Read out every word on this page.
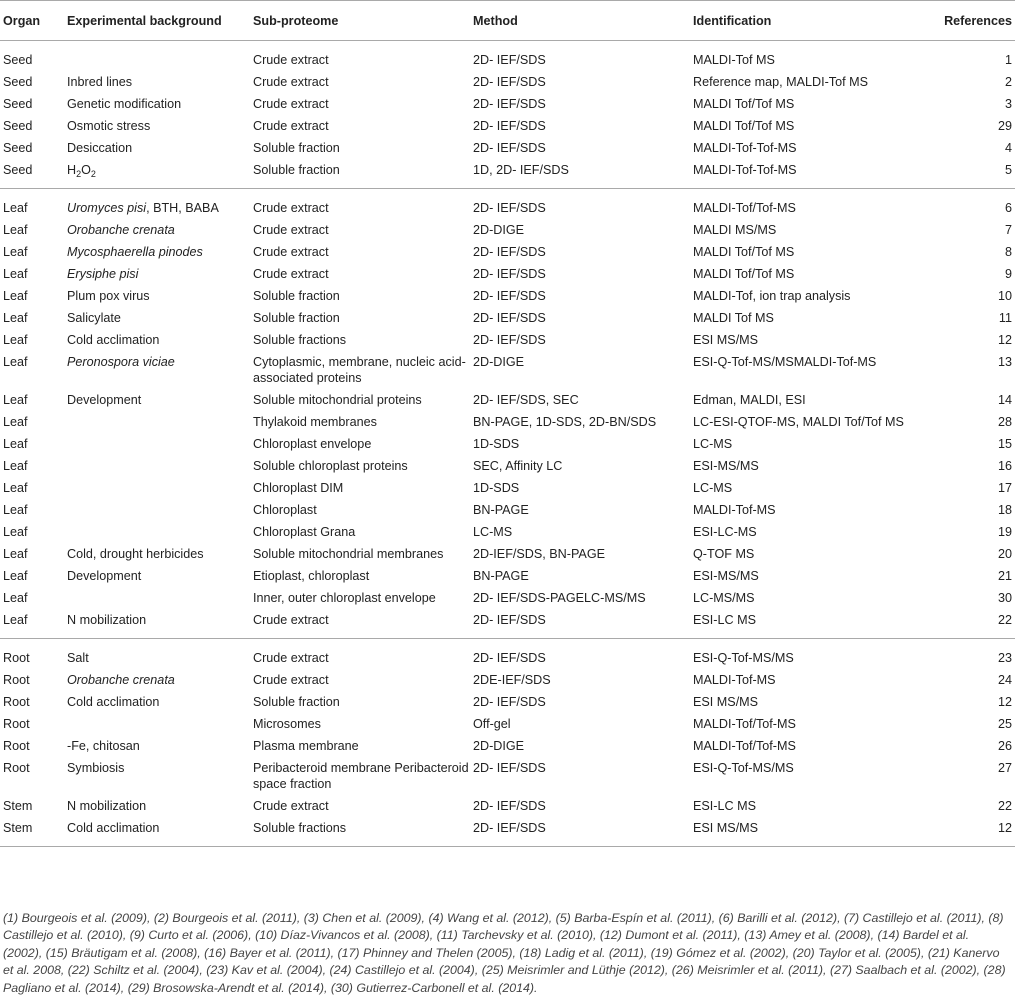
Organ	Experimental background	Sub-proteome	Method	Identification	References
Seed		Crude extract	2D- IEF/SDS	MALDI-Tof MS	1
Seed	Inbred lines	Crude extract	2D- IEF/SDS	Reference map, MALDI-Tof MS	2
Seed	Genetic modification	Crude extract	2D- IEF/SDS	MALDI Tof/Tof MS	3
Seed	Osmotic stress	Crude extract	2D- IEF/SDS	MALDI Tof/Tof MS	29
Seed	Desiccation	Soluble fraction	2D- IEF/SDS	MALDI-Tof-Tof-MS	4
Seed	$H_2O_2$	Soluble fraction	1D, 2D- IEF/SDS	MALDI-Tof-Tof-MS	5
Leaf	Uromyces pisi, BTH, BABA	Crude extract	2D- IEF/SDS	MALDI-Tof/Tof-MS	6
Leaf	Orobanche crenata	Crude extract	2D-DIGE	MALDI MS/MS	7
Leaf	Mycosphaerella pinodes	Crude extract	2D- IEF/SDS	MALDI Tof/Tof MS	8
Leaf	Erysiphe pisi	Crude extract	2D- IEF/SDS	MALDI Tof/Tof MS	9
Leaf	Plum pox virus	Soluble fraction	2D- IEF/SDS	MALDI-Tof, ion trap analysis	10
Leaf	Salicylate	Soluble fraction	2D- IEF/SDS	MALDI Tof MS	11
Leaf	Cold acclimation	Soluble fractions	2D- IEF/SDS	ESI MS/MS	12
Leaf	Peronospora viciae	Cytoplasmic, membrane, nucleic acid-associated proteins	2D-DIGE	ESI-Q-Tof-MS/MSMALDI-Tof-MS	13
Leaf	Development	Soluble mitochondrial proteins	2D- IEF/SDS, SEC	Edman, MALDI, ESI	14
Leaf		Thylakoid membranes	BN-PAGE, 1D-SDS, 2D-BN/SDS	LC-ESI-QTOF-MS, MALDI Tof/Tof MS	28
Leaf		Chloroplast envelope	1D-SDS	LC-MS	15
Leaf		Soluble chloroplast proteins	SEC, Affinity LC	ESI-MS/MS	16
Leaf		Chloroplast DIM	1D-SDS	LC-MS	17
Leaf		Chloroplast	BN-PAGE	MALDI-Tof-MS	18
Leaf		Chloroplast Grana	LC-MS	ESI-LC-MS	19
Leaf	Cold, drought herbicides	Soluble mitochondrial membranes	2D-IEF/SDS, BN-PAGE	Q-TOF MS	20
Leaf	Development	Etioplast, chloroplast	BN-PAGE	ESI-MS/MS	21
Leaf		Inner, outer chloroplast envelope	2D- IEF/SDS-PAGELC-MS/MS	LC-MS/MS	30
Leaf	N mobilization	Crude extract	2D- IEF/SDS	ESI-LC MS	22
Root	Salt	Crude extract	2D- IEF/SDS	ESI-Q-Tof-MS/MS	23
Root	Orobanche crenata	Crude extract	2DE-IEF/SDS	MALDI-Tof-MS	24
Root	Cold acclimation	Soluble fraction	2D- IEF/SDS	ESI MS/MS	12
Root		Microsomes	Off-gel	MALDI-Tof/Tof-MS	25
Root	-Fe, chitosan	Plasma membrane	2D-DIGE	MALDI-Tof/Tof-MS	26
Root	Symbiosis	Peribacteroid membrane Peribacteroid space fraction	2D- IEF/SDS	ESI-Q-Tof-MS/MS	27
Stem	N mobilization	Crude extract	2D- IEF/SDS	ESI-LC MS	22
Stem	Cold acclimation	Soluble fractions	2D- IEF/SDS	ESI MS/MS	12
(1) Bourgeois et al. (2009), (2) Bourgeois et al. (2011), (3) Chen et al. (2009), (4) Wang et al. (2012), (5) Barba-Espín et al. (2011), (6) Barilli et al. (2012), (7) Castillejo et al. (2011), (8) Castillejo et al. (2010), (9) Curto et al. (2006), (10) Díaz-Vivancos et al. (2008), (11) Tarchevsky et al. (2010), (12) Dumont et al. (2011), (13) Amey et al. (2008), (14) Bardel et al. (2002), (15) Bräutigam et al. (2008), (16) Bayer et al. (2011), (17) Phinney and Thelen (2005), (18) Ladig et al. (2011), (19) Gómez et al. (2002), (20) Taylor et al. (2005), (21) Kanervo et al. 2008, (22) Schiltz et al. (2004), (23) Kav et al. (2004), (24) Castillejo et al. (2004), (25) Meisrimler and Lüthje (2012), (26) Meisrimler et al. (2011), (27) Saalbach et al. (2002), (28) Pagliano et al. (2014), (29) Brosowska-Arendt et al. (2014), (30) Gutierrez-Carbonell et al. (2014).
